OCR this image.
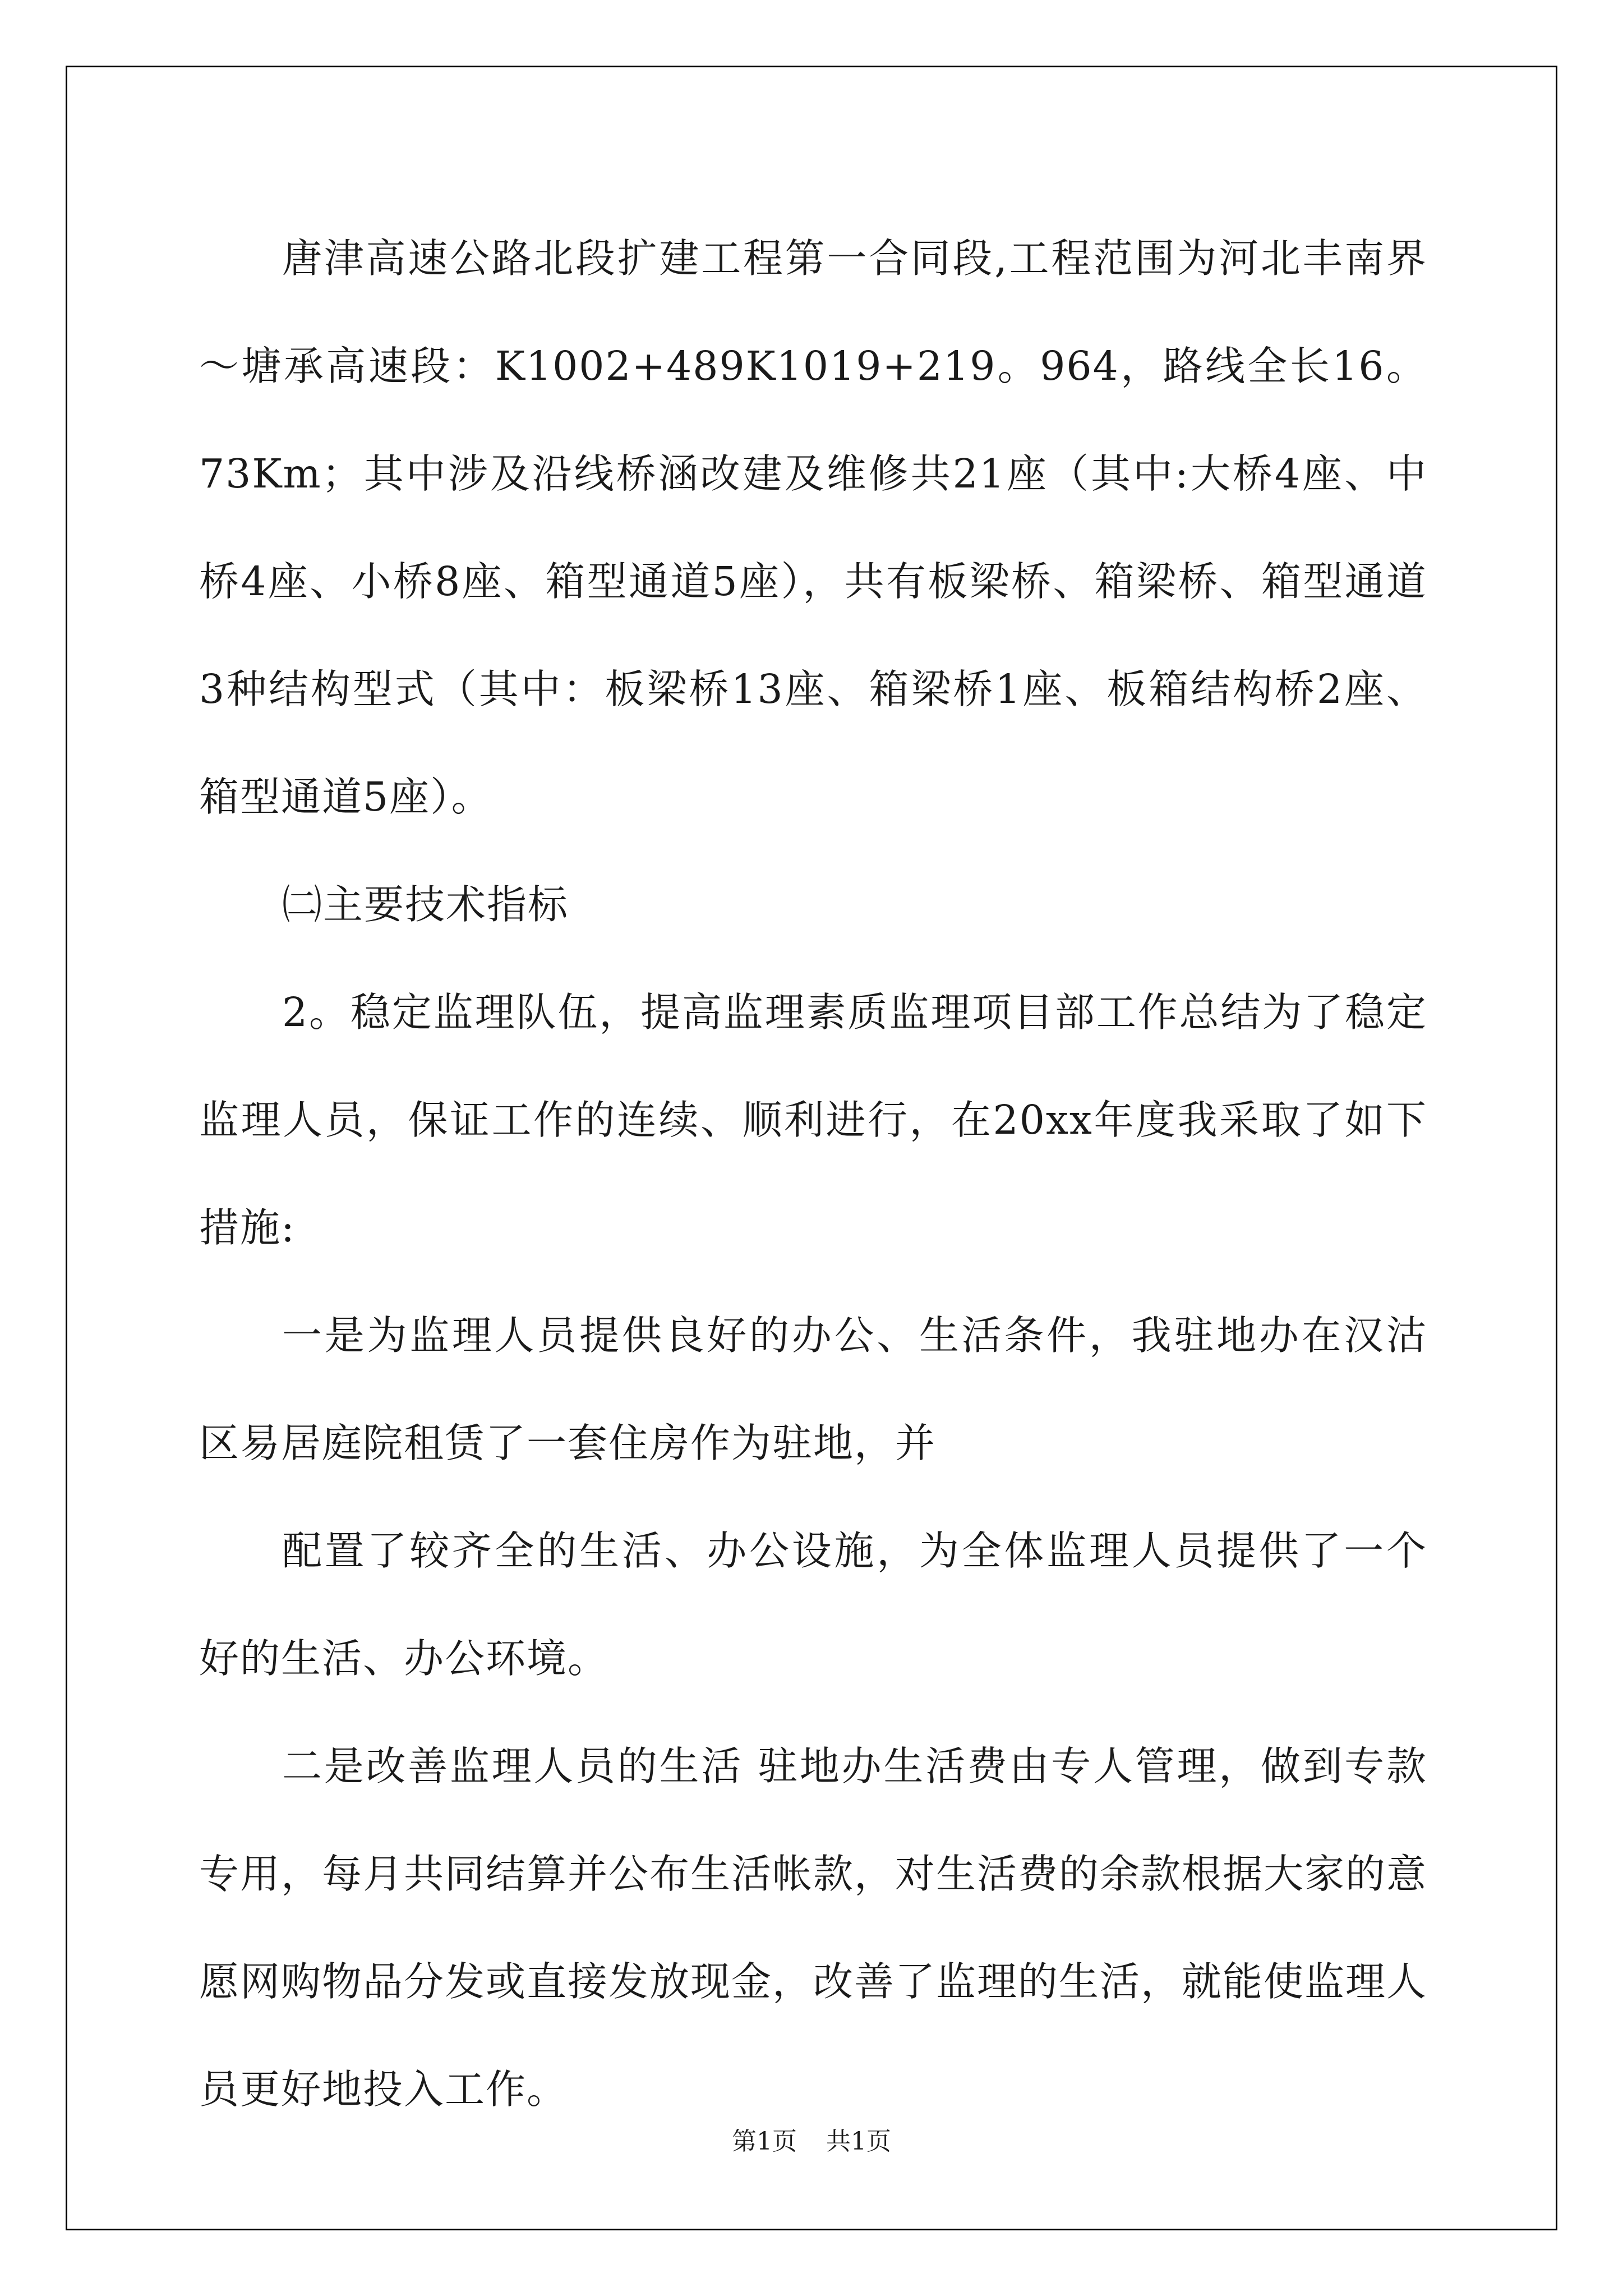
唐津高速公路北段扩建工程第一合同段,工程范围为河北丰南界～塘承高速段：K1002+489K1019+219。964，路线全长16。73Km；其中涉及沿线桥涵改建及维修共21座（其中:大桥4座、中桥4座、小桥8座、箱型通道5座），共有板梁桥、箱梁桥、箱型通道3种结构型式（其中：板梁桥13座、箱梁桥1座、板箱结构桥2座、箱型通道5座）。

㈡主要技术指标

2。稳定监理队伍，提高监理素质监理项目部工作总结为了稳定监理人员，保证工作的连续、顺利进行，在20xx年度我采取了如下措施:

一是为监理人员提供良好的办公、生活条件，我驻地办在汉沽区易居庭院租赁了一套住房作为驻地，并

配置了较齐全的生活、办公设施，为全体监理人员提供了一个好的生活、办公环境。

二是改善监理人员的生活 驻地办生活费由专人管理，做到专款专用，每月共同结算并公布生活帐款，对生活费的余款根据大家的意愿网购物品分发或直接发放现金，改善了监理的生活，就能使监理人员更好地投入工作。

第1页 共1页
